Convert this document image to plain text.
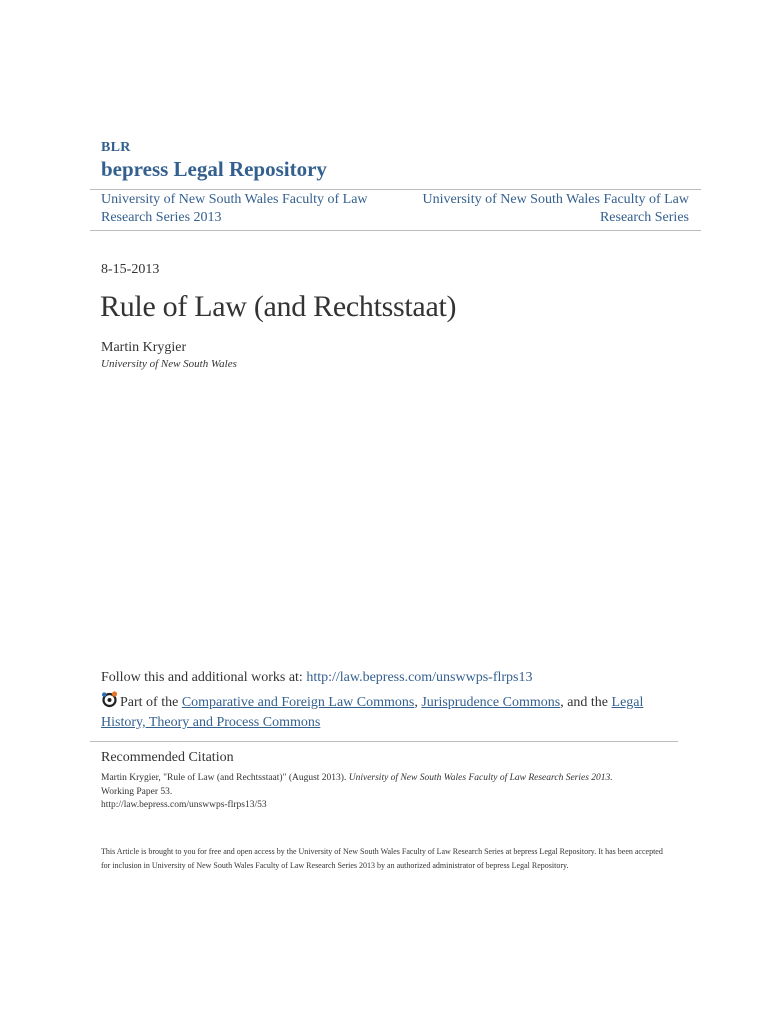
BLR
bepress Legal Repository
University of New South Wales Faculty of Law Research Series 2013
University of New South Wales Faculty of Law Research Series
8-15-2013
Rule of Law (and Rechtsstaat)
Martin Krygier
University of New South Wales
Follow this and additional works at: http://law.bepress.com/unswwps-flrps13
Part of the Comparative and Foreign Law Commons, Jurisprudence Commons, and the Legal History, Theory and Process Commons
Recommended Citation
Martin Krygier, "Rule of Law (and Rechtsstaat)" (August 2013). University of New South Wales Faculty of Law Research Series 2013.
Working Paper 53.
http://law.bepress.com/unswwps-flrps13/53
This Article is brought to you for free and open access by the University of New South Wales Faculty of Law Research Series at bepress Legal Repository. It has been accepted for inclusion in University of New South Wales Faculty of Law Research Series 2013 by an authorized administrator of bepress Legal Repository.
